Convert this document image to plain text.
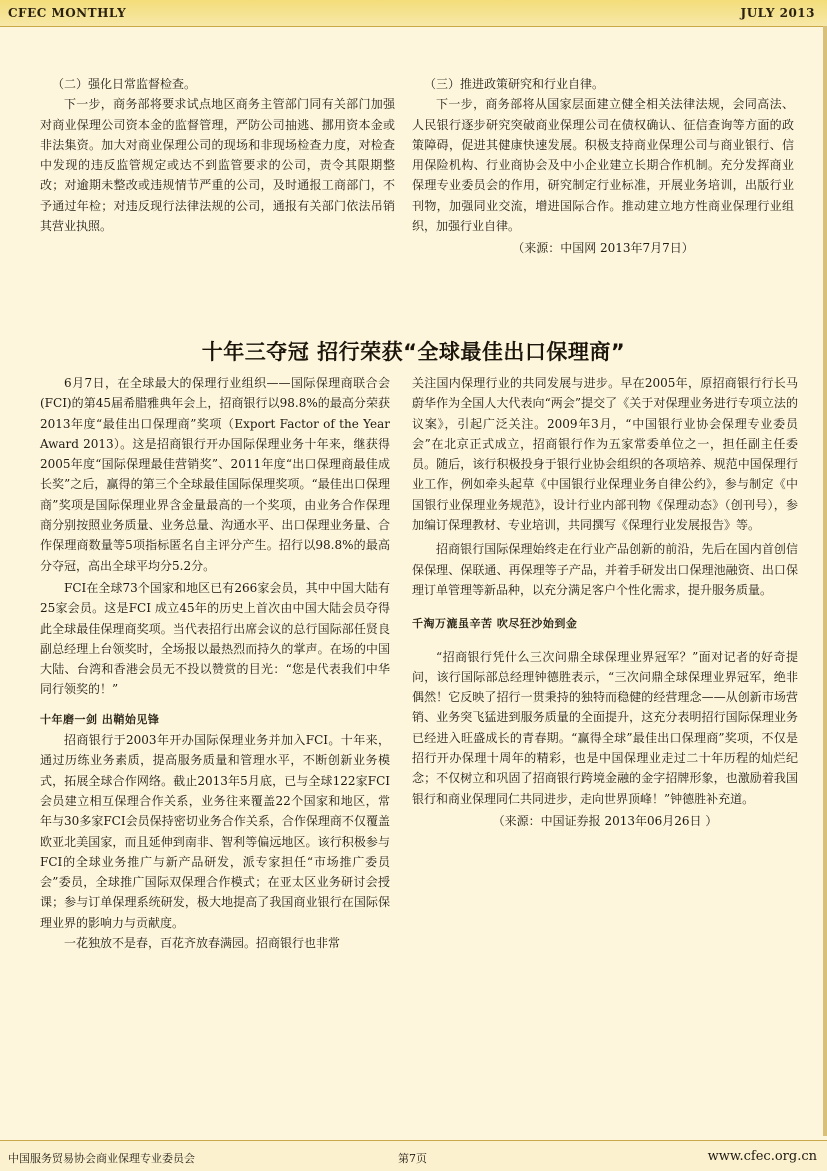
CFEC MONTHLY	JULY 2013

（二）强化日常监督检查。

下一步，商务部将要求试点地区商务主管部门同有关部门加强对商业保理公司资本金的监督管理，严防公司抽逃、挪用资本金或非法集资。加大对商业保理公司的现场和非现场检查力度，对检查中发现的违反监管规定或达不到监管要求的公司，责令其限期整改；对逾期未整改或违规情节严重的公司，及时通报工商部门，不予通过年检；对违反现行法律法规的公司，通报有关部门依法吊销其营业执照。

（三）推进政策研究和行业自律。

下一步，商务部将从国家层面建立健全相关法律法规，会同高法、人民银行逐步研究突破商业保理公司在债权确认、征信查询等方面的政策障碍，促进其健康快速发展。积极支持商业保理公司与商业银行、信用保险机构、行业商协会及中小企业建立长期合作机制。充分发挥商业保理专业委员会的作用，研究制定行业标准，开展业务培训，出版行业刊物，加强同业交流，增进国际合作。推动建立地方性商业保理行业组织，加强行业自律。

（来源：中国网 2013年7月7日）

十年三夺冠 招行荣获“全球最佳出口保理商”

6月7日，在全球最大的保理行业组织——国际保理商联合会(FCI)的第45届希腊雅典年会上，招商银行以98.8%的最高分荣获2013年度“最佳出口保理商”奖项（Export Factor of the Year Award 2013）。这是招商银行开办国际保理业务十年来，继获得2005年度“国际保理最佳营销奖”、2011年度“出口保理商最佳成长奖”之后，赢得的第三个全球最佳国际保理奖项。“最佳出口保理商”奖项是国际保理业界含金量最高的一个奖项，由业务合作保理商分别按照业务质量、业务总量、沟通水平、出口保理业务量、合作保理商数量等5项指标匿名自主评分产生。招行以98.8%的最高分夺冠，高出全球平均分5.2分。

FCI在全球73个国家和地区已有266家会员，其中中国大陆有25家会员。这是FCI 成立45年的历史上首次由中国大陆会员夺得此全球最佳保理商奖项。当代表招行出席会议的总行国际部任贤良副总经理上台领奖时，全场报以最热烈而持久的掌声。在场的中国大陆、台湾和香港会员无不投以赞赏的目光：“您是代表我们中华同行领奖的！”

十年磨一剑 出鞘始见锋

招商银行于2003年开办国际保理业务并加入FCI。十年来，通过历练业务素质，提高服务质量和管理水平，不断创新业务模式，拓展全球合作网络。截止2013年5月底，已与全球122家FCI会员建立相互保理合作关系，业务往来覆盖22个国家和地区，常年与30多家FCI会员保持密切业务合作关系，合作保理商不仅覆盖欧亚北美国家，而且延伸到南非、智利等偏远地区。该行积极参与FCI的全球业务推广与新产品研发，派专家担任“市场推广委员会”委员，全球推广国际双保理合作模式；在亚太区业务研讨会授课；参与订单保理系统研发，极大地提高了我国商业银行在国际保理业界的影响力与贡献度。

一花独放不是春，百花齐放春满园。招商银行也非常

关注国内保理行业的共同发展与进步。早在2005年，原招商银行行长马蔚华作为全国人大代表向“两会”提交了《关于对保理业务进行专项立法的议案》，引起广泛关注。2009年3月，“中国银行业协会保理专业委员会”在北京正式成立，招商银行作为五家常委单位之一，担任副主任委员。随后，该行积极投身于银行业协会组织的各项培养、规范中国保理行业工作，例如牵头起草《中国银行业保理业务自律公约》，参与制定《中国银行业保理业务规范》，设计行业内部刊物《保理动态》（创刊号），参加编订保理教材、专业培训，共同撰写《保理行业发展报告》等。

招商银行国际保理始终走在行业产品创新的前沿，先后在国内首创信保保理、保联通、再保理等子产品，并着手研发出口保理池融资、出口保理订单管理等新品种，以充分满足客户个性化需求，提升服务质量。

千淘万漉虽辛苦 吹尽狂沙始到金

“招商银行凭什么三次问鼎全球保理业界冠军？”面对记者的好奇提问，该行国际部总经理钟德胜表示，“三次问鼎全球保理业界冠军，绝非偶然！它反映了招行一贯秉持的独特而稳健的经营理念——从创新市场营销、业务突飞猛进到服务质量的全面提升，这充分表明招行国际保理业务已经进入旺盛成长的青春期。“赢得全球”最佳出口保理商”奖项，不仅是招行开办保理十周年的精彩，也是中国保理业走过二十年历程的灿烂纪念；不仅树立和巩固了招商银行跨境金融的金字招牌形象，也激励着我国银行和商业保理同仁共同进步，走向世界顶峰！”钟德胜补充道。

（来源：中国证券报 2013年06月26日 ）

中国服务贸易协会商业保理专业委员会	第7页	www.cfec.org.cn
